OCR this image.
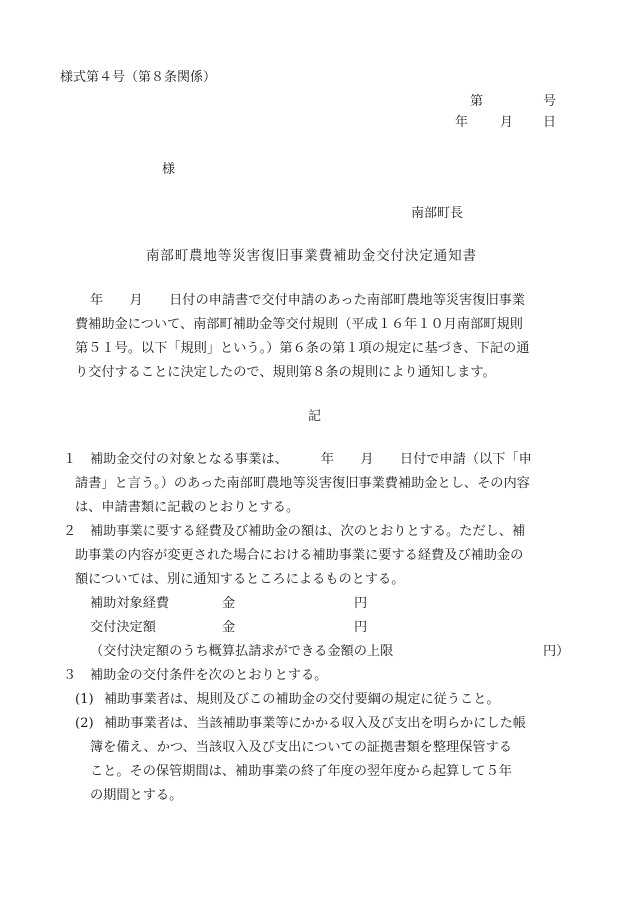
様式第４号（第８条関係）
第	号
年 月 日
様
南部町長
南部町農地等災害復旧事業費補助金交付決定通知書
年　　月　　日付の申請書で交付申請のあった南部町農地等災害復旧事業
費補助金について、南部町補助金等交付規則（平成１６年１０月南部町規則
第５１号。以下「規則」という。）第６条の第１項の規定に基づき、下記の通
り交付することに決定したので、規則第８条の規則により通知します。
記
１ 補助金交付の対象となる事業は、　　　年　　月　　日付で申請（以下「申
請書」と言う。）のあった南部町農地等災害復旧事業費補助金とし、その内容
は、申請書類に記載のとおりとする。
２ 補助事業に要する経費及び補助金の額は、次のとおりとする。ただし、補
助事業の内容が変更された場合における補助事業に要する経費及び補助金の
額については、別に通知するところによるものとする。
補助対象経費	金	円
交付決定額	金	円
（交付決定額のうち概算払請求ができる金額の上限	円）
３ 補助金の交付条件を次のとおりとする。
(1) 補助事業者は、規則及びこの補助金の交付要綱の規定に従うこと。
(2) 補助事業者は、当該補助事業等にかかる収入及び支出を明らかにした帳
簿を備え、かつ、当該収入及び支出についての証拠書類を整理保管する
こと。その保管期間は、補助事業の終了年度の翌年度から起算して５年
の期間とする。
